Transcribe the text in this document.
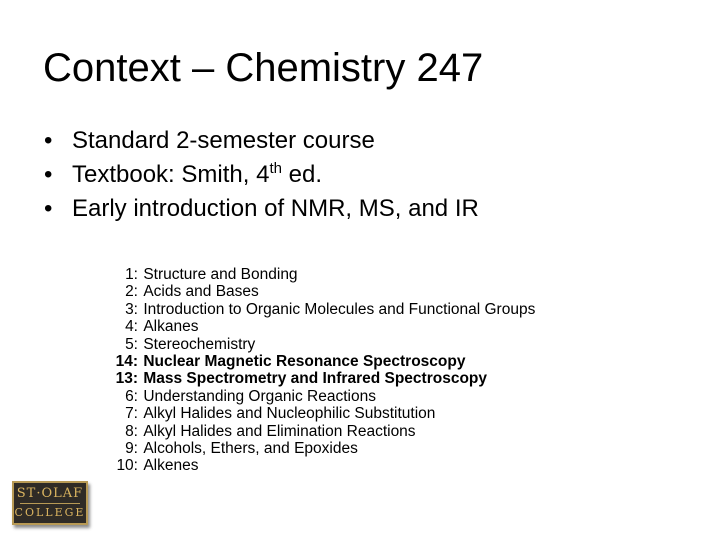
Context – Chemistry 247
• Standard 2-semester course
• Textbook: Smith, 4th ed.
• Early introduction of NMR, MS, and IR
1: Structure and Bonding
2: Acids and Bases
3: Introduction to Organic Molecules and Functional Groups
4: Alkanes
5: Stereochemistry
14: Nuclear Magnetic Resonance Spectroscopy
13: Mass Spectrometry and Infrared Spectroscopy
6: Understanding Organic Reactions
7: Alkyl Halides and Nucleophilic Substitution
8: Alkyl Halides and Elimination Reactions
9: Alcohols, Ethers, and Epoxides
10: Alkenes
ST·OLAF
COLLEGE
